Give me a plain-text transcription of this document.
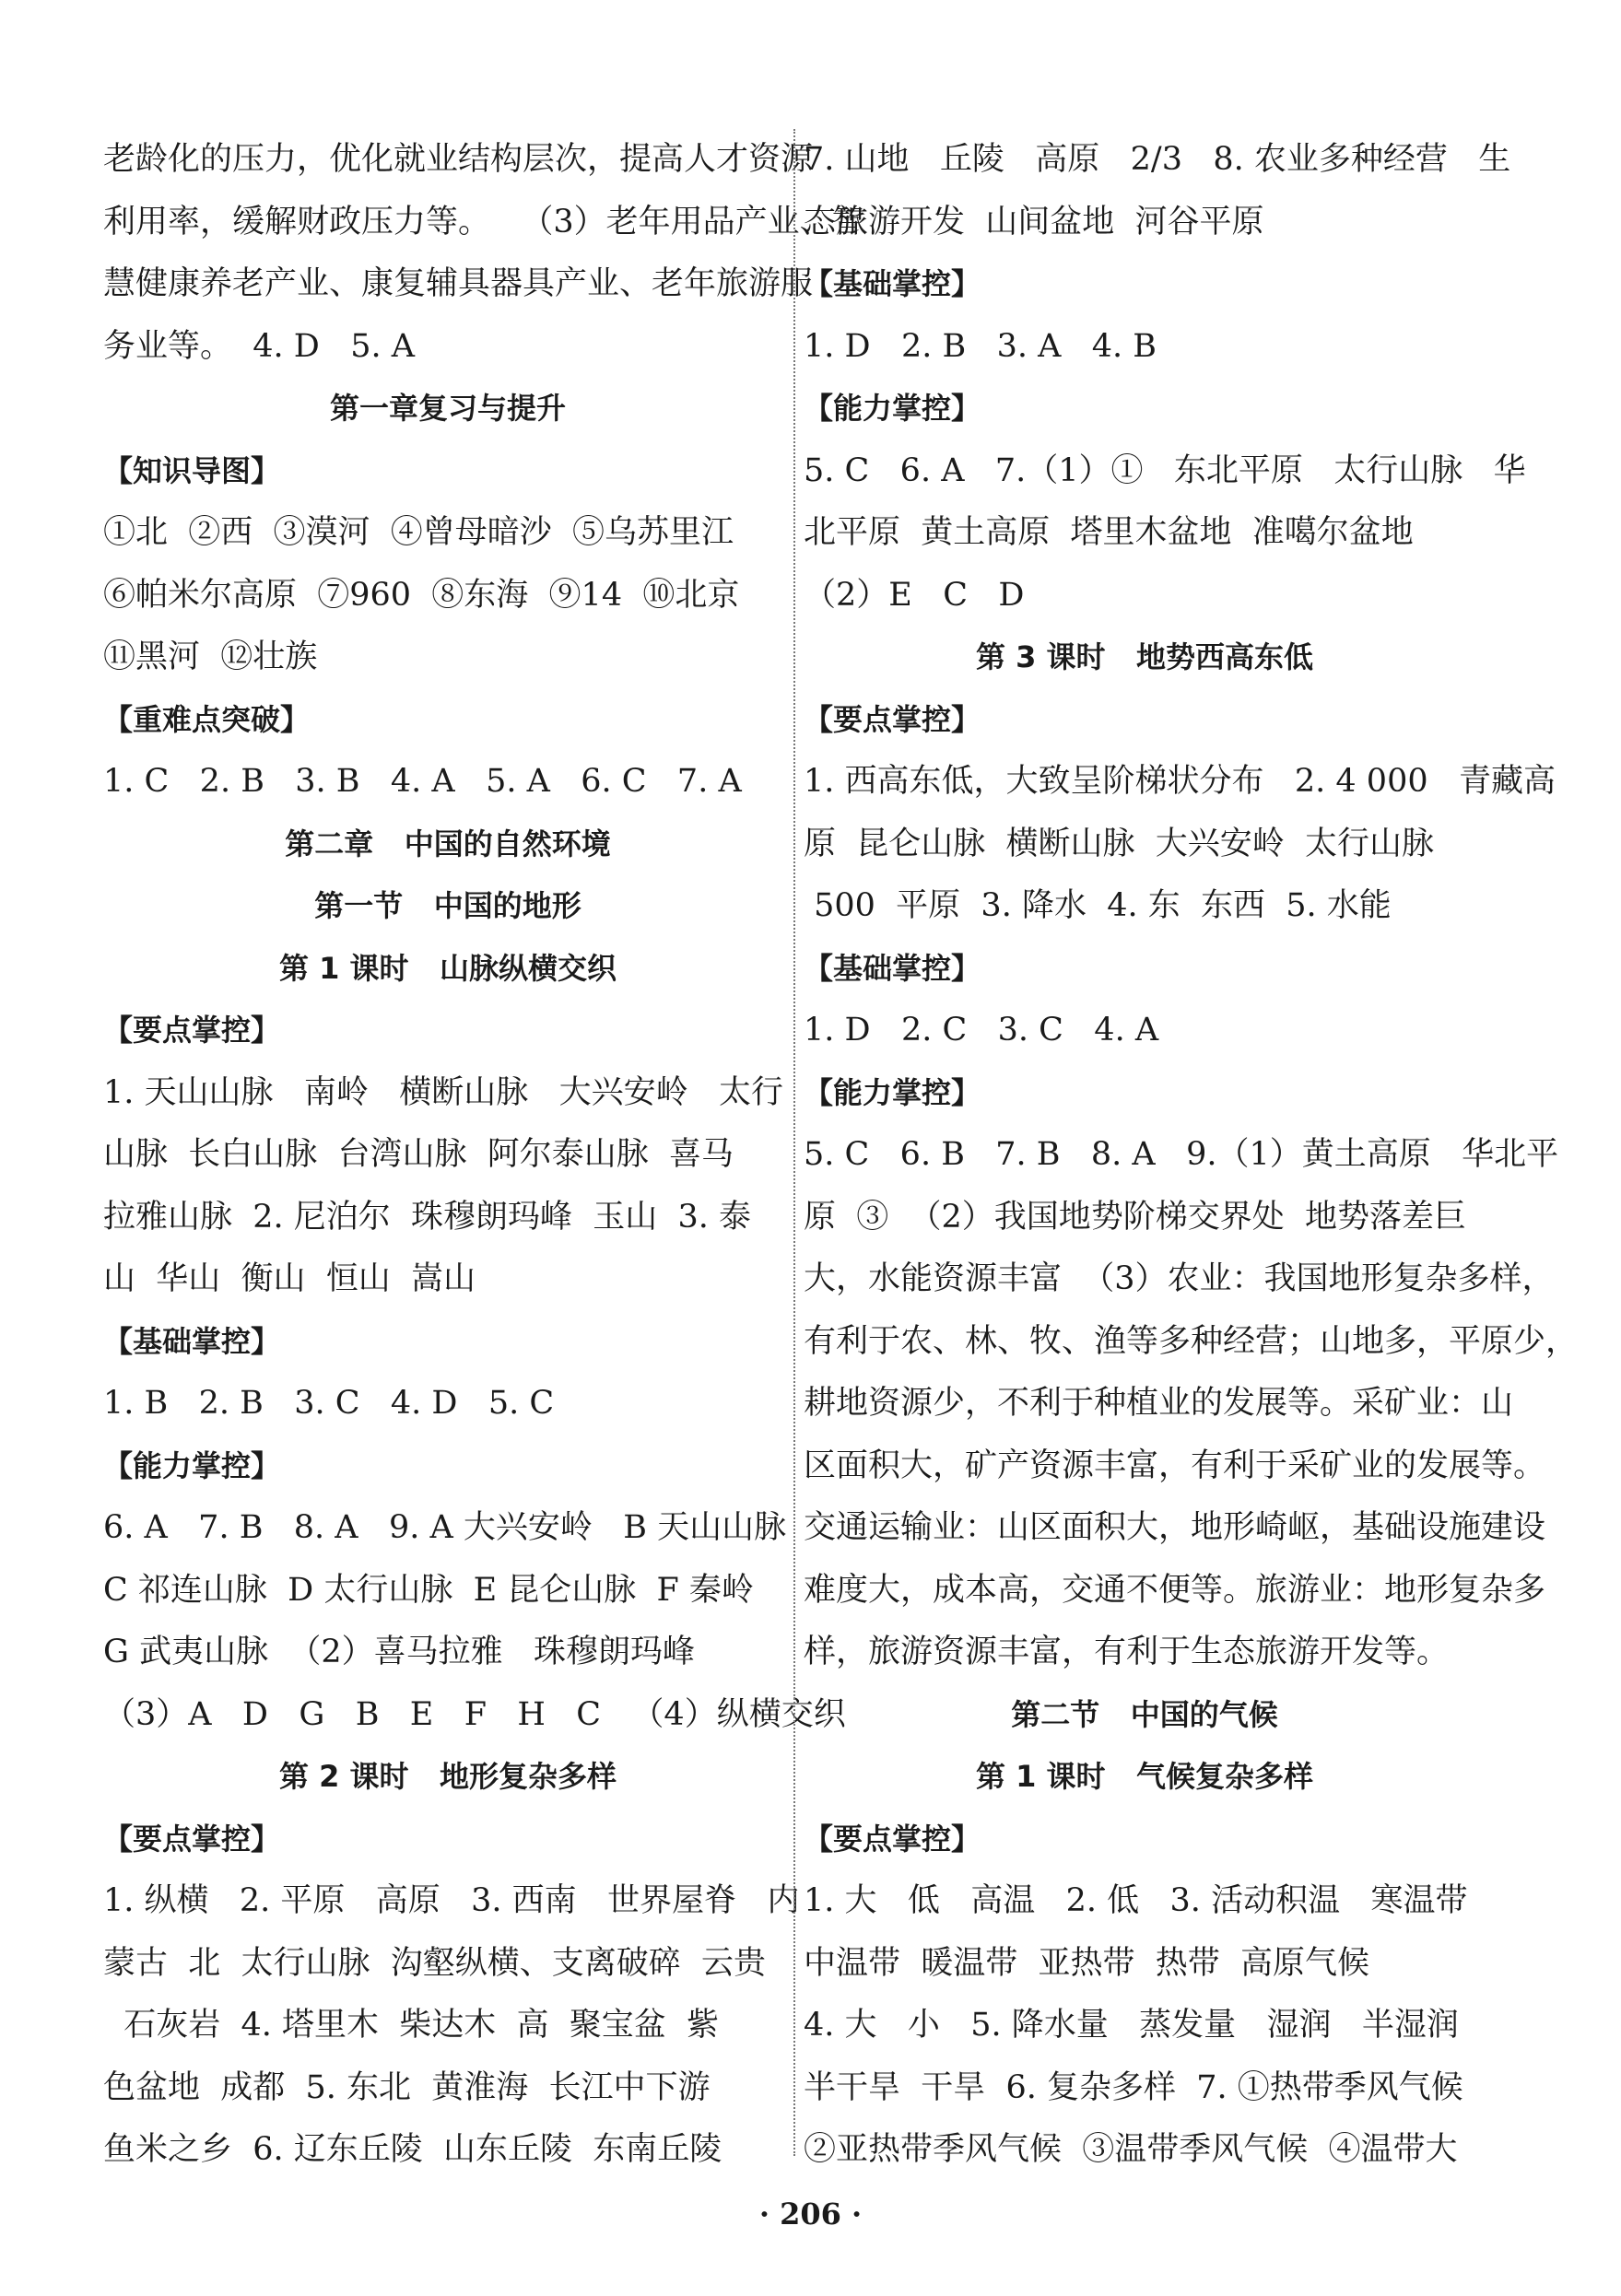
老龄化的压力，优化就业结构层次，提高人才资源
利用率，缓解财政压力等。   （3）老年用品产业、智
慧健康养老产业、康复辅具器具产业、老年旅游服
务业等。  4. D   5. A
第一章复习与提升
【知识导图】
①北  ②西  ③漠河  ④曾母暗沙  ⑤乌苏里江
⑥帕米尔高原  ⑦960  ⑧东海  ⑨14  ⑩北京
⑪黑河  ⑫壮族
【重难点突破】
1. C   2. B   3. B   4. A   5. A   6. C   7. A
第二章   中国的自然环境
第一节   中国的地形
第 1 课时   山脉纵横交织
【要点掌控】
1. 天山山脉   南岭   横断山脉   大兴安岭   太行
山脉  长白山脉  台湾山脉  阿尔泰山脉  喜马
拉雅山脉  2. 尼泊尔  珠穆朗玛峰  玉山  3. 泰
山  华山  衡山  恒山  嵩山
【基础掌控】
1. B   2. B   3. C   4. D   5. C
【能力掌控】
6. A   7. B   8. A   9. A 大兴安岭   B 天山山脉
C 祁连山脉  D 太行山脉  E 昆仑山脉  F 秦岭
G 武夷山脉  （2）喜马拉雅   珠穆朗玛峰
（3）A   D   G   B   E   F   H   C   （4）纵横交织
第 2 课时   地形复杂多样
【要点掌控】
1. 纵横   2. 平原   高原   3. 西南   世界屋脊   内
蒙古  北  太行山脉  沟壑纵横、支离破碎  云贵
石灰岩  4. 塔里木  柴达木  高  聚宝盆  紫
色盆地  成都  5. 东北  黄淮海  长江中下游
鱼米之乡  6. 辽东丘陵  山东丘陵  东南丘陵
7. 山地   丘陵   高原   2/3   8. 农业多种经营   生
态旅游开发  山间盆地  河谷平原
【基础掌控】
1. D   2. B   3. A   4. B
【能力掌控】
5. C   6. A   7.（1）①   东北平原   太行山脉   华
北平原  黄土高原  塔里木盆地  准噶尔盆地
（2）E   C   D
第 3 课时   地势西高东低
【要点掌控】
1. 西高东低，大致呈阶梯状分布   2. 4 000   青藏高
原  昆仑山脉  横断山脉  大兴安岭  太行山脉
500  平原  3. 降水  4. 东  东西  5. 水能
【基础掌控】
1. D   2. C   3. C   4. A
【能力掌控】
5. C   6. B   7. B   8. A   9.（1）黄土高原   华北平
原  ③  （2）我国地势阶梯交界处  地势落差巨
大，水能资源丰富  （3）农业：我国地形复杂多样，
有利于农、林、牧、渔等多种经营；山地多，平原少，
耕地资源少，不利于种植业的发展等。采矿业：山
区面积大，矿产资源丰富，有利于采矿业的发展等。
交通运输业：山区面积大，地形崎岖，基础设施建设
难度大，成本高，交通不便等。旅游业：地形复杂多
样，旅游资源丰富，有利于生态旅游开发等。
第二节   中国的气候
第 1 课时   气候复杂多样
【要点掌控】
1. 大   低   高温   2. 低   3. 活动积温   寒温带
中温带  暖温带  亚热带  热带  高原气候
4. 大   小   5. 降水量   蒸发量   湿润   半湿润
半干旱  干旱  6. 复杂多样  7. ①热带季风气候
②亚热带季风气候  ③温带季风气候  ④温带大
· 206 ·
